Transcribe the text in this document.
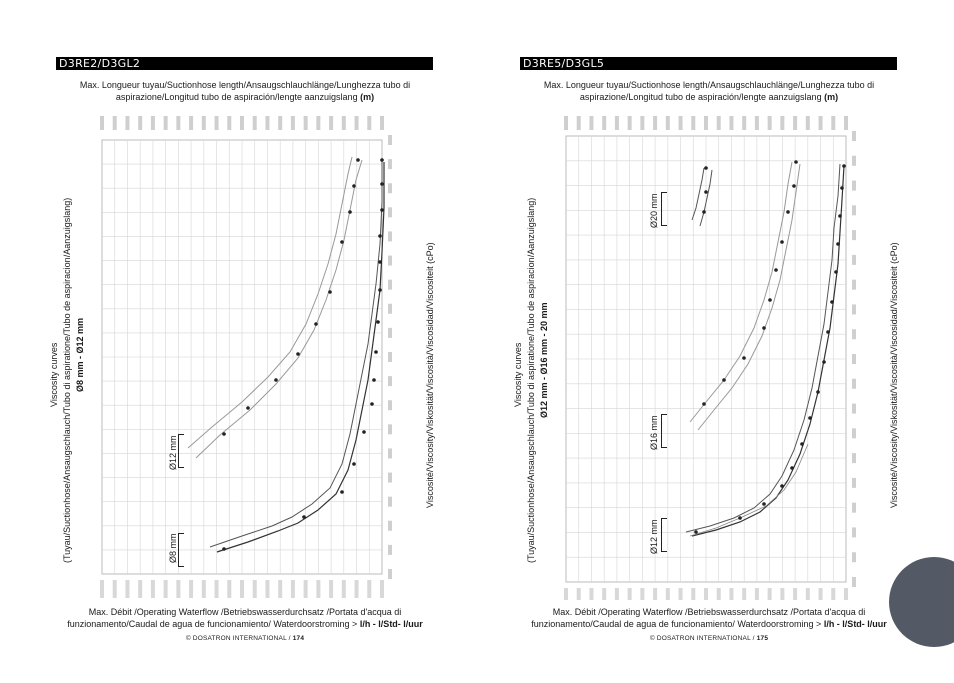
D3RE2/D3GL2
Max. Longueur tuyau/Suctionhose length/Ansaugschlauchlänge/Lunghezza tubo di
aspirazione/Longitud tubo de aspiración/lengte aanzuigslang (m)
Viscosity curves (Tuyau/Suctionhose/Ansaugschlauch/Tubo di aspiratione/Tubo de aspiracion/Aanzuigslang) Ø8 mm - Ø12 mm	Viscosité/Viscosity/Viskosität/Viscosità/Viscosidad/Viscositeit (cPo)
Ø12 mm
Ø8 mm
Max. Débit /Operating Waterflow /Betriebswasserdurchsatz /Portata d'acqua di
funzionamento/Caudal de agua de funcionamiento/ Waterdoorstroming > l/h - l/Std- l/uur
© DOSATRON INTERNATIONAL / 174
D3RE5/D3GL5
Max. Longueur tuyau/Suctionhose length/Ansaugschlauchlänge/Lunghezza tubo di
aspirazione/Longitud tubo de aspiración/lengte aanzuigslang (m)
Viscosity curves (Tuyau/Suctionhose/Ansaugschlauch/Tubo di aspiratione/Tubo de aspiracion/Aanzuigslang) Ø12 mm - Ø16 mm - 20 mm	Viscosité/Viscosity/Viskosität/Viscosità/Viscosidad/Viscositeit (cPo)
Ø20 mm
Ø16 mm
Ø12 mm
Max. Débit /Operating Waterflow /Betriebswasserdurchsatz /Portata d'acqua di
funzionamento/Caudal de agua de funcionamiento/ Waterdoorstroming > l/h - l/Std- l/uur
© DOSATRON INTERNATIONAL / 175
